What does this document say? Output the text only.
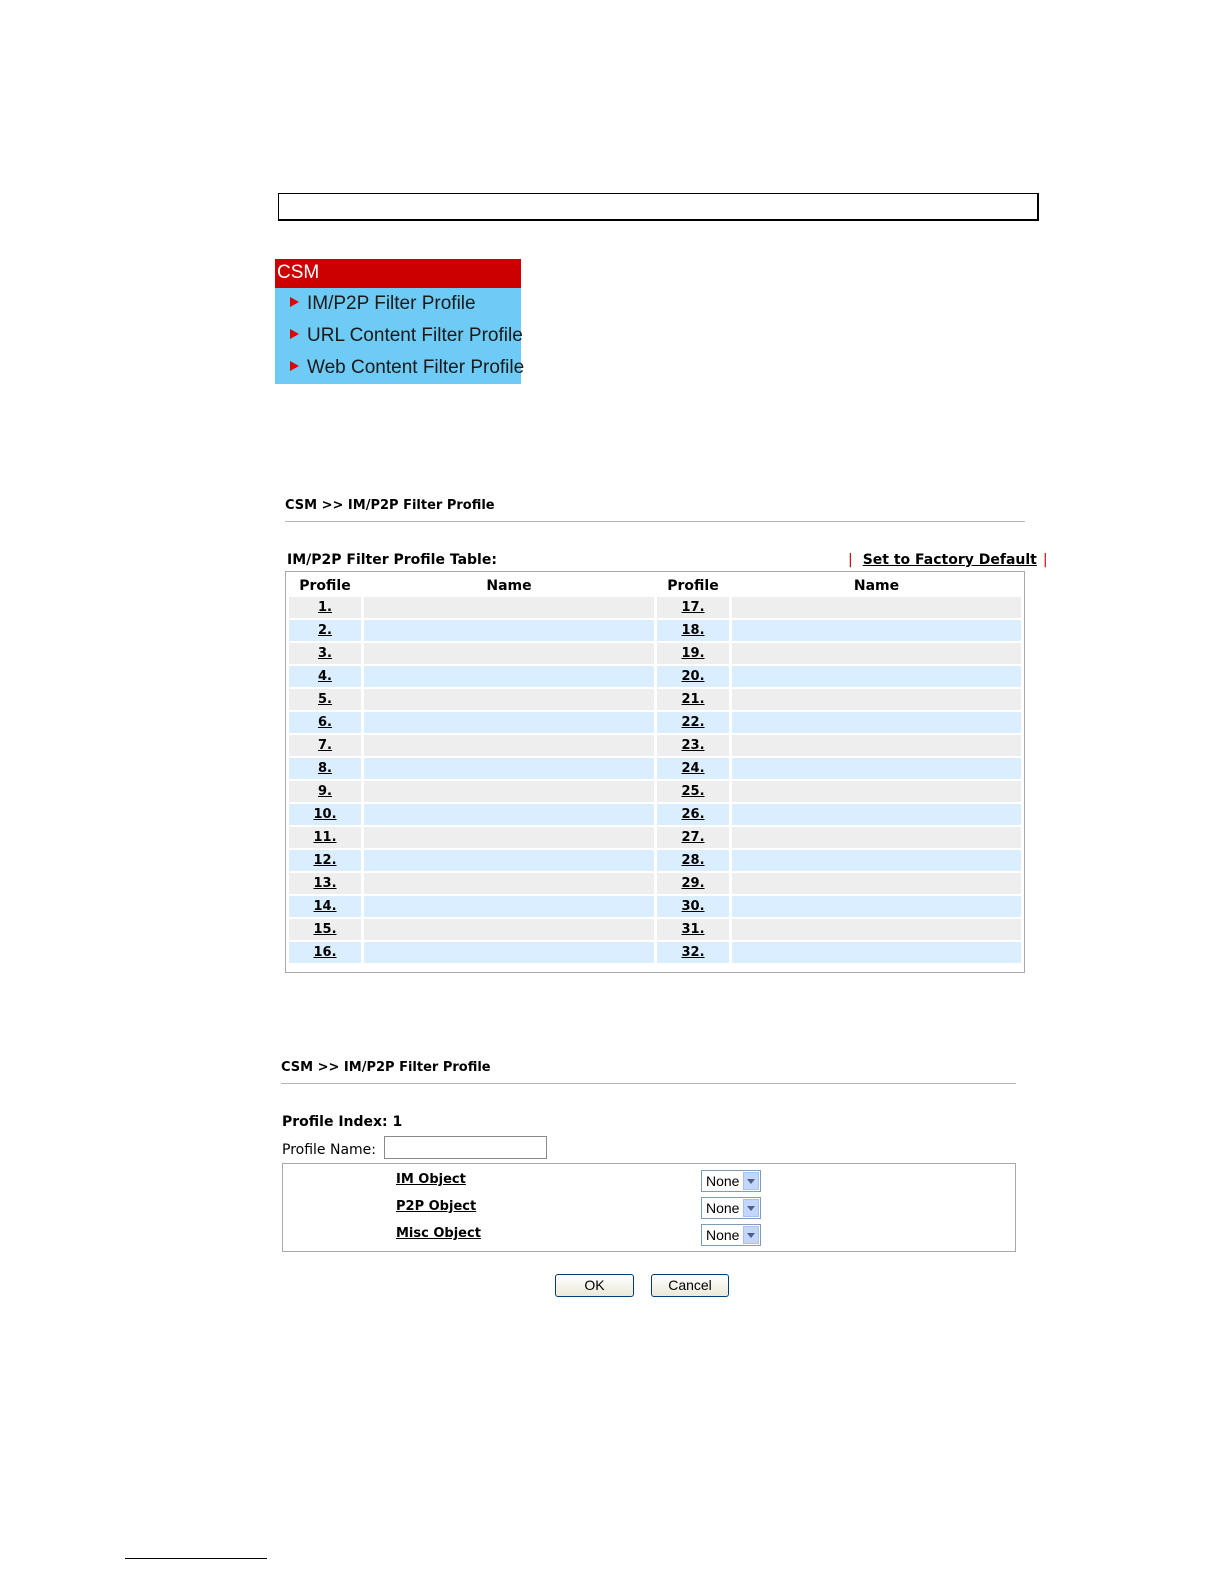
CSM
IM/P2P Filter Profile
URL Content Filter Profile
Web Content Filter Profile
CSM >> IM/P2P Filter Profile
IM/P2P Filter Profile Table:	| Set to Factory Default |
Profile	Name	Profile	Name
1.		17.	
2.		18.	
3.		19.	
4.		20.	
5.		21.	
6.		22.	
7.		23.	
8.		24.	
9.		25.	
10.		26.	
11.		27.	
12.		28.	
13.		29.	
14.		30.	
15.		31.	
16.		32.	
CSM >> IM/P2P Filter Profile
Profile Index: 1
Profile Name:
IM Object	None
P2P Object	None
Misc Object	None
OK	Cancel
